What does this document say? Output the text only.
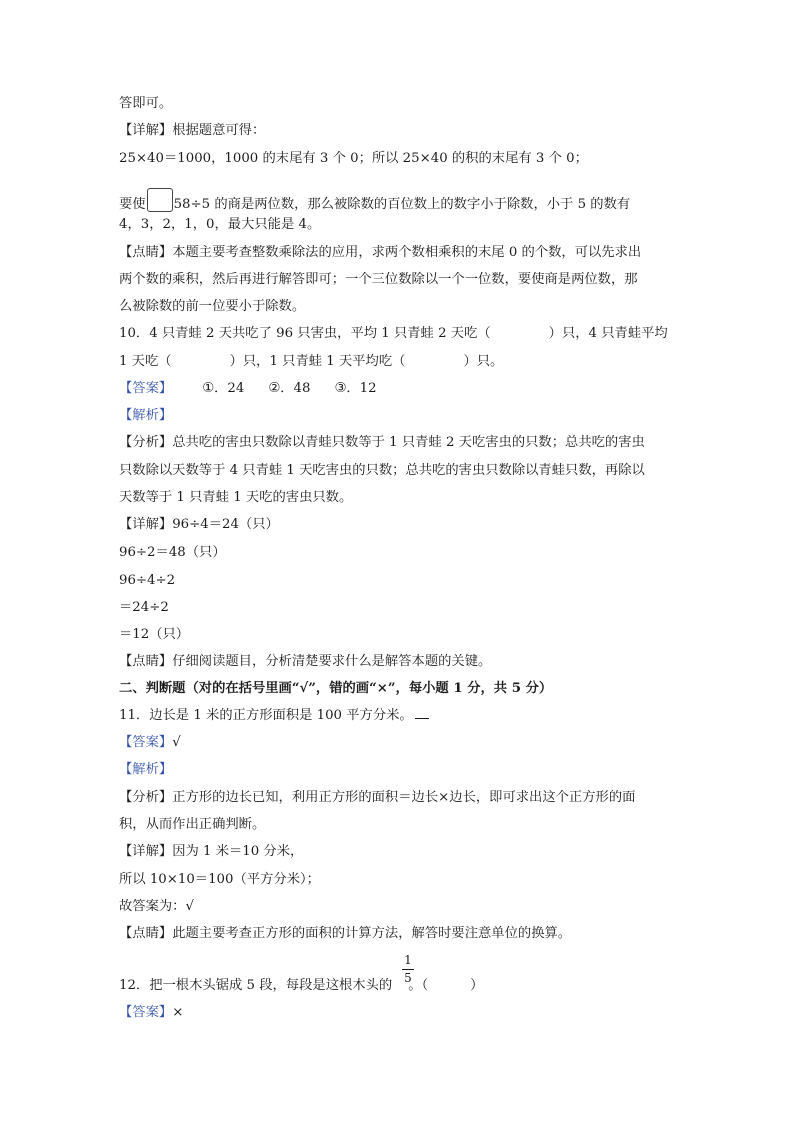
答即可。
【详解】根据题意可得：
25×40＝1000，1000 的末尾有 3 个 0；所以 25×40 的积的末尾有 3 个 0；
要使 58÷5 的商是两位数，那么被除数的百位数上的数字小于除数，小于 5 的数有
4，3，2，1，0，最大只能是 4。
【点睛】本题主要考查整数乘除法的应用，求两个数相乘积的末尾 0 的个数，可以先求出
两个数的乘积，然后再进行解答即可；一个三位数除以一个一位数，要使商是两位数，那
么被除数的前一位要小于除数。
10．4 只青蛙 2 天共吃了 96 只害虫，平均 1 只青蛙 2 天吃（	）只，4 只青蛙平均
1 天吃（	）只，1 只青蛙 1 天平均吃（	）只。
【答案】 ①．24 ②．48 ③．12
【解析】
【分析】总共吃的害虫只数除以青蛙只数等于 1 只青蛙 2 天吃害虫的只数；总共吃的害虫
只数除以天数等于 4 只青蛙 1 天吃害虫的只数；总共吃的害虫只数除以青蛙只数，再除以
天数等于 1 只青蛙 1 天吃的害虫只数。
【详解】96÷4＝24（只）
96÷2＝48（只）
96÷4÷2
＝24÷2
＝12（只）
【点睛】仔细阅读题目，分析清楚要求什么是解答本题的关键。
二、判断题（对的在括号里画“√”，错的画“×”，每小题 1 分，共 5 分）
11．边长是 1 米的正方形面积是 100 平方分米。
【答案】√
【解析】
【分析】正方形的边长已知，利用正方形的面积＝边长×边长，即可求出这个正方形的面
积，从而作出正确判断。
【详解】因为 1 米＝10 分米，
所以 10×10＝100（平方分米）；
故答案为：√
【点睛】此题主要考查正方形的面积的计算方法，解答时要注意单位的换算。
1
5
12．把一根木头锯成 5 段，每段是这根木头的 。（	）
【答案】×
